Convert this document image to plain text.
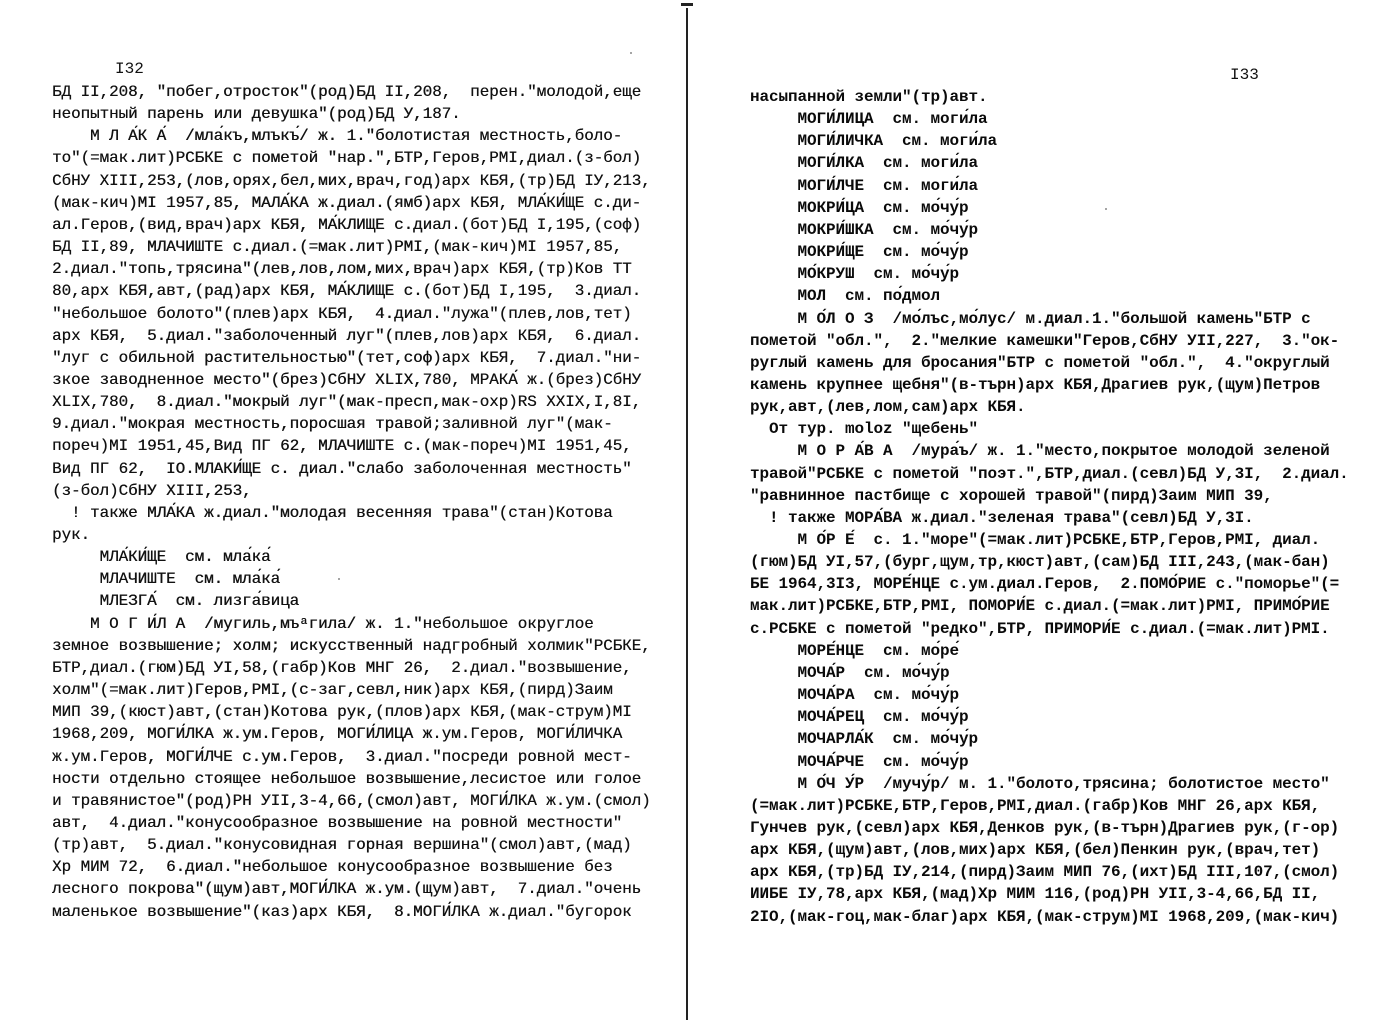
I32
БД II,208, "побег,отросток"(род)БД II,208,  перен."молодой,еще
неопытный парень или девушка"(род)БД У,187.
М Л А́К А́  /мла́къ,млъкъ́/ ж. 1."болотистая местность,боло-
то"(=мак.лит)РСБКЕ с пометой "нар.",БТР,Геров,PMI,диал.(з-бол)
СбНУ XIII,253,(лов,орях,бел,мих,врач,год)арх КБЯ,(тр)БД IУ,213,
(мак-кич)MI 1957,85, МАЛА́КА ж.диал.(ямб)арх КБЯ, МЛА́КИ́ЩЕ с.ди-
ал.Геров,(вид,врач)арх КБЯ, МА́КЛИЩЕ с.диал.(бот)БД I,195,(соф)
БД II,89, МЛАЧИШТЕ с.диал.(=мак.лит)PMI,(мак-кич)MI 1957,85,
2.диал."топь,трясина"(лев,лов,лом,мих,врач)арх КБЯ,(тр)Ков ТТ
80,арх КБЯ,авт,(рад)арх КБЯ, МА́КЛИЩЕ с.(бот)БД I,195,  3.диал.
"небольшое болото"(плев)арх КБЯ,  4.диал."лужа"(плев,лов,тет)
арх КБЯ,  5.диал."заболоченный луг"(плев,лов)арх КБЯ,  6.диал.
"луг с обильной растительностью"(тет,соф)арх КБЯ,  7.диал."ни-
зкое заводненное место"(брез)СбНУ XLIX,780, МРАКА́ ж.(брез)СбНУ
XLIX,780,  8.диал."мокрый луг"(мак-пресп,мак-охр)RS XXIX,I,8I,
9.диал."мокрая местность,поросшая травой;заливной луг"(мак-
пореч)MI 1951,45,Вид ПГ 62, МЛАЧИШТЕ с.(мак-пореч)MI 1951,45,
Вид ПГ 62,  IO.МЛАКИ́ЩЕ с. диал."слабо заболоченная местность"
(з-бол)СбНУ XIII,253,
! также МЛА́КА ж.диал."молодая весенняя трава"(стан)Котова
рук.
МЛА́КИ́ЩЕ  см. мла́ка́
МЛАЧИШТЕ  см. мла́ка́
МЛЕЗГА́  см. лизга́вица
М О Г И́Л А  /мугиль,мъᵃгила/ ж. 1."небольшое округлое
земное возвышение; холм; искусственный надгробный холмик"РСБКЕ,
БТР,диал.(гюм)БД УI,58,(габр)Ков МНГ 26,  2.диал."возвышение,
холм"(=мак.лит)Геров,PMI,(с-заг,севл,ник)арх КБЯ,(пирд)Заим
МИП 39,(кюст)авт,(стан)Котова рук,(плов)арх КБЯ,(мак-струм)MI
1968,209, МОГИ́ЛКА ж.ум.Геров, МОГИ́ЛИЦА ж.ум.Геров, МОГИ́ЛИЧКА
ж.ум.Геров, МОГИ́ЛЧЕ с.ум.Геров,  3.диал."посреди ровной мест-
ности отдельно стоящее небольшое возвышение,лесистое или голое
и травянистое"(род)РН УII,3-4,66,(смол)авт, МОГИ́ЛКА ж.ум.(смол)
авт,  4.диал."конусообразное возвышение на ровной местности"
(тр)авт,  5.диал."конусовидная горная вершина"(смол)авт,(мад)
Хр МИМ 72,  6.диал."небольшое конусообразное возвышение без
лесного покрова"(щум)авт,МОГИ́ЛКА ж.ум.(щум)авт,  7.диал."очень
маленькое возвышение"(каз)арх КБЯ,  8.МОГИ́ЛКА ж.диал."бугорок
I33
насыпанной земли"(тр)авт.
МОГИ́ЛИЦА  см. моги́ла
МОГИ́ЛИЧКА  см. моги́ла
МОГИ́ЛКА  см. моги́ла
МОГИ́ЛЧЕ  см. моги́ла
МОКРИ́ЦА  см. мо́чу́р
МОКРИ́ШКА  см. мо́чу́р
МОКРИ́ЩЕ  см. мо́чу́р
МО́КРУШ  см. мо́чу́р
МОЛ  см. по́дмол
М О́Л О З  /мо́лъс,мо́лус/ м.диал.1."большой камень"БТР с
пометой "обл.",  2."мелкие камешки"Геров,СбНУ УII,227,  3."ок-
руглый камень для бросания"БТР с пометой "обл.",  4."округлый
камень крупнее щебня"(в-търн)арх КБЯ,Драгиев рук,(щум)Петров
рук,авт,(лев,лом,сам)арх КБЯ.
От тур. moloz "щебень"
М О Р А́В А  /мура́ъ/ ж. 1."место,покрытое молодой зеленой
травой"РСБКЕ с пометой "поэт.",БТР,диал.(севл)БД У,3I,  2.диал.
"равнинное пастбище с хорошей травой"(пирд)Заим МИП 39,
! также МОРА́ВА ж.диал."зеленая трава"(севл)БД У,3I.
М О́Р Е́  с. 1."море"(=мак.лит)РСБКЕ,БТР,Геров,PMI, диал.
(гюм)БД УI,57,(бург,щум,тр,кюст)авт,(сам)БД III,243,(мак-бан)
БЕ 1964,3I3, МОРЕ́НЦЕ с.ум.диал.Геров,  2.ПОМО́РИЕ с."поморье"(=
мак.лит)РСБКЕ,БТР,PMI, ПОМОРИ́Е с.диал.(=мак.лит)PMI, ПРИМО́РИЕ
с.РСБКЕ с пометой "редко",БТР, ПРИМОРИ́Е с.диал.(=мак.лит)PMI.
МОРЕ́НЦЕ  см. мо́ре́
МОЧА́Р  см. мо́чу́р
МОЧА́РА  см. мо́чу́р
МОЧА́РЕЦ  см. мо́чу́р
МОЧАРЛА́К  см. мо́чу́р
МОЧА́РЧЕ  см. мо́чу́р
М О́Ч У́Р  /мучу́р/ м. 1."болото,трясина; болотистое место"
(=мак.лит)РСБКЕ,БТР,Геров,PMI,диал.(габр)Ков МНГ 26,арх КБЯ,
Гунчев рук,(севл)арх КБЯ,Денков рук,(в-търн)Драгиев рук,(г-ор)
арх КБЯ,(щум)авт,(лов,мих)арх КБЯ,(бел)Пенкин рук,(врач,тет)
арх КБЯ,(тр)БД IУ,214,(пирд)Заим МИП 76,(ихт)БД III,107,(смол)
ИИБЕ IУ,78,арх КБЯ,(мад)Хр МИМ 116,(род)РН УII,3-4,66,БД II,
2IO,(мак-гоц,мак-благ)арх КБЯ,(мак-струм)MI 1968,209,(мак-кич)
